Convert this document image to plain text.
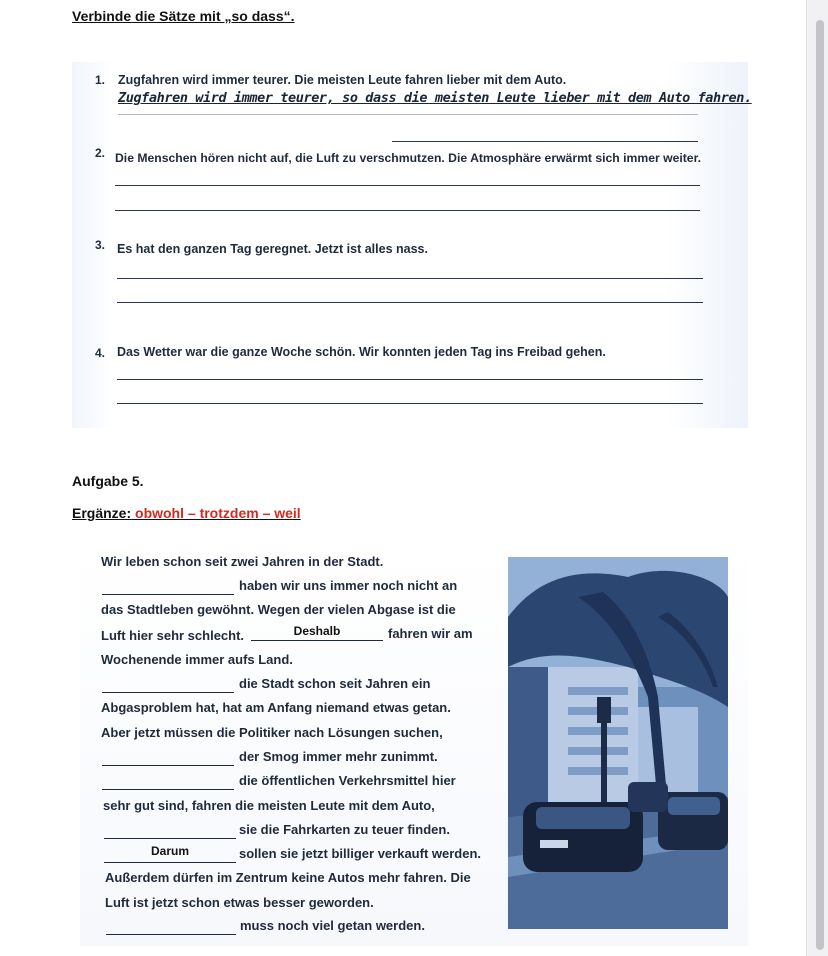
Verbinde die Sätze mit „so dass“.
1. Zugfahren wird immer teurer. Die meisten Leute fahren lieber mit dem Auto.
Zugfahren wird immer teurer, so dass die meisten Leute lieber mit dem Auto fahren.
2. Die Menschen hören nicht auf, die Luft zu verschmutzen. Die Atmosphäre erwärmt sich immer weiter.
3. Es hat den ganzen Tag geregnet. Jetzt ist alles nass.
4. Das Wetter war die ganze Woche schön. Wir konnten jeden Tag ins Freibad gehen.
Aufgabe 5.
Ergänze: obwohl – trotzdem – weil
Wir leben schon seit zwei Jahren in der Stadt.
haben wir uns immer noch nicht an
das Stadtleben gewöhnt. Wegen der vielen Abgase ist die
Luft hier sehr schlecht.	Deshalb	fahren wir am
Wochenende immer aufs Land.
die Stadt schon seit Jahren ein
Abgasproblem hat, hat am Anfang niemand etwas getan.
Aber jetzt müssen die Politiker nach Lösungen suchen,
der Smog immer mehr zunimmt.
die öffentlichen Verkehrsmittel hier
sehr gut sind, fahren die meisten Leute mit dem Auto,
sie die Fahrkarten zu teuer finden.
Darum	sollen sie jetzt billiger verkauft werden.
Außerdem dürfen im Zentrum keine Autos mehr fahren. Die
Luft ist jetzt schon etwas besser geworden.
muss noch viel getan werden.
